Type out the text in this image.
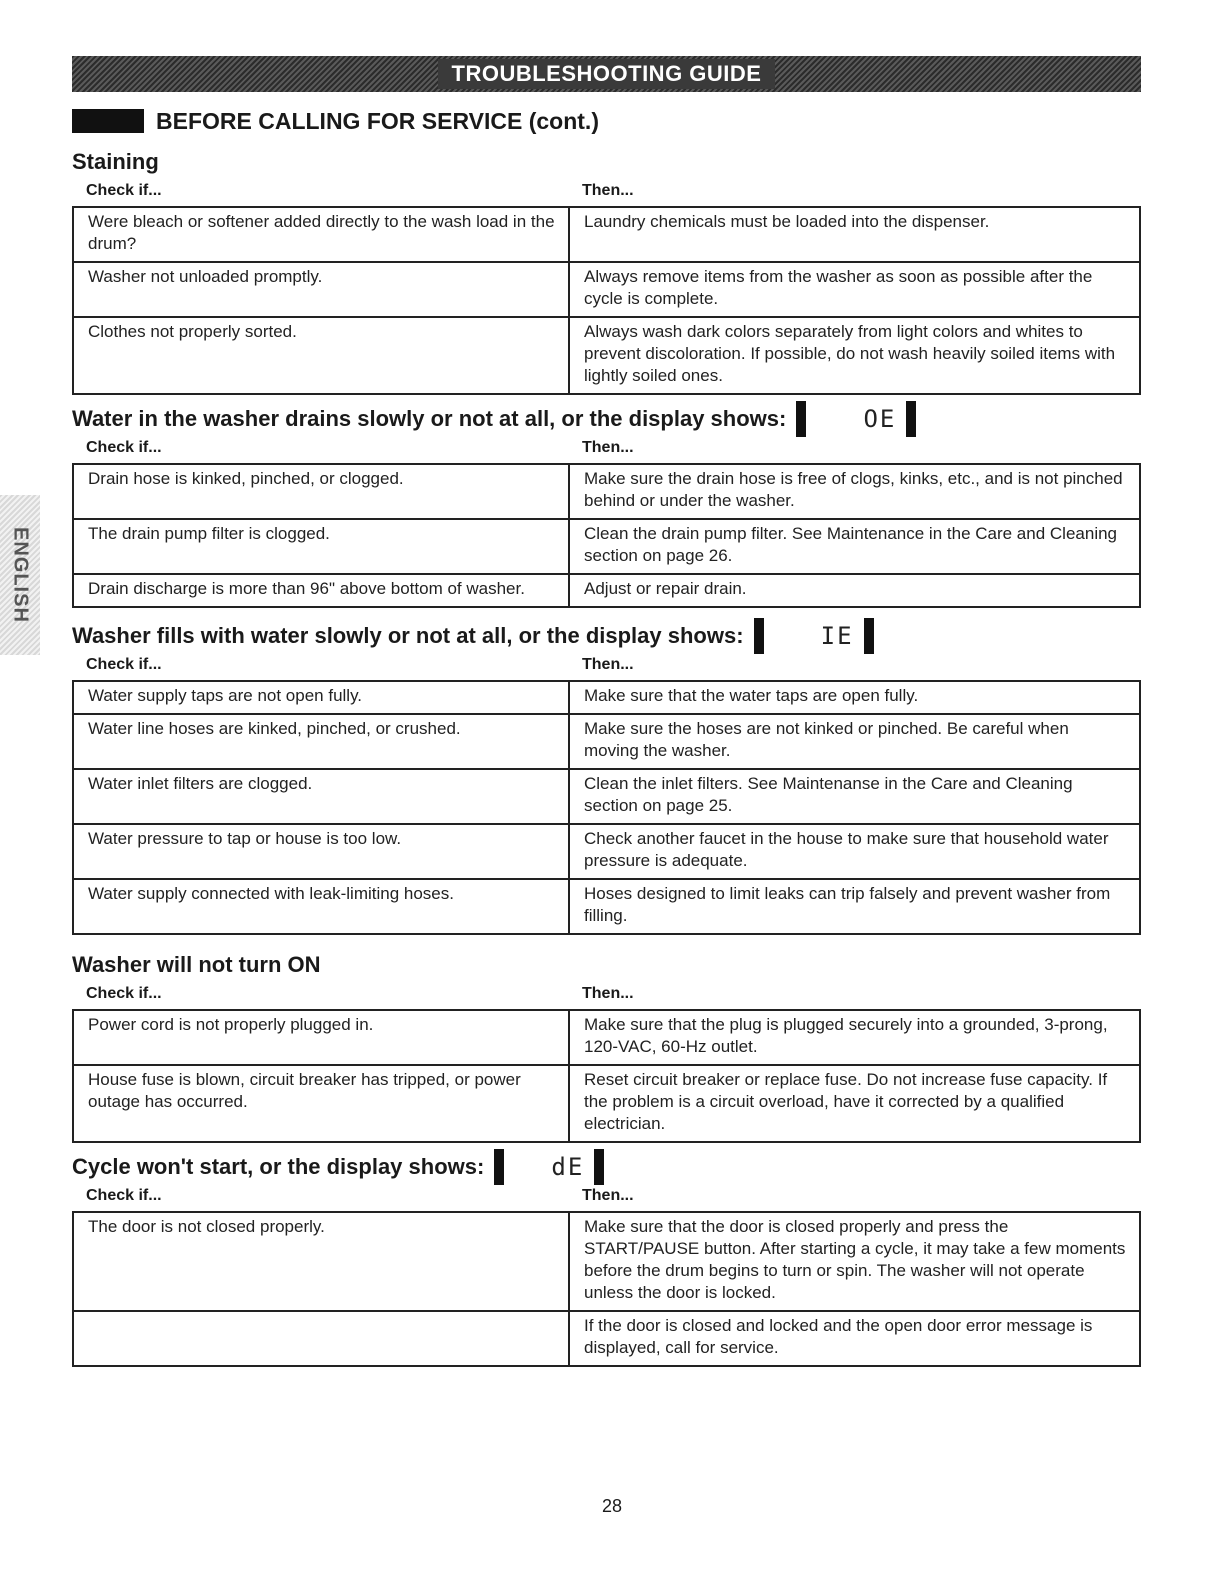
TROUBLESHOOTING GUIDE
ENGLISH
BEFORE CALLING FOR SERVICE (cont.)
Staining
Check if...	Then...
Were bleach or softener added directly to the wash load in the drum?	Laundry chemicals must be loaded into the dispenser.
Washer not unloaded promptly.	Always remove items from the washer as soon as possible after the cycle is complete.
Clothes not properly sorted.	Always wash dark colors separately from light colors and whites to prevent discoloration. If possible, do not wash heavily soiled items with lightly soiled ones.
Water in the washer drains slowly or not at all, or the display shows:	OE
Check if...	Then...
Drain hose is kinked, pinched, or clogged.	Make sure the drain hose is free of clogs, kinks, etc., and is not pinched behind or under the washer.
The drain pump filter is clogged.	Clean the drain pump filter. See Maintenance in the Care and Cleaning section on page 26.
Drain discharge is more than 96" above bottom of washer.	Adjust or repair drain.
Washer fills with water slowly or not at all, or the display shows:	IE
Check if...	Then...
Water supply taps are not open fully.	Make sure that the water taps are open fully.
Water line hoses are kinked, pinched, or crushed.	Make sure the hoses are not kinked or pinched. Be careful when moving the washer.
Water inlet filters are clogged.	Clean the inlet filters. See Maintenanse in the Care and Cleaning section on page 25.
Water pressure to tap or house is too low.	Check another faucet in the house to make sure that household water pressure is adequate.
Water supply connected with leak-limiting hoses.	Hoses designed to limit leaks can trip falsely and prevent washer from filling.
Washer will not turn ON
Check if...	Then...
Power cord is not properly plugged in.	Make sure that the plug is plugged securely into a grounded, 3-prong, 120-VAC, 60-Hz outlet.
House fuse is blown, circuit breaker has tripped, or power outage has occurred.	Reset circuit breaker or replace fuse. Do not increase fuse capacity. If the problem is a circuit overload, have it corrected by a qualified electrician.
Cycle won't start, or the display shows:	dE
Check if...	Then...
The door is not closed properly.	Make sure that the door is closed properly and press the START/PAUSE button. After starting a cycle, it may take a few moments before the drum begins to turn or spin. The washer will not operate unless the door is locked.
	If the door is closed and locked and the open door error message is displayed, call for service.
28
